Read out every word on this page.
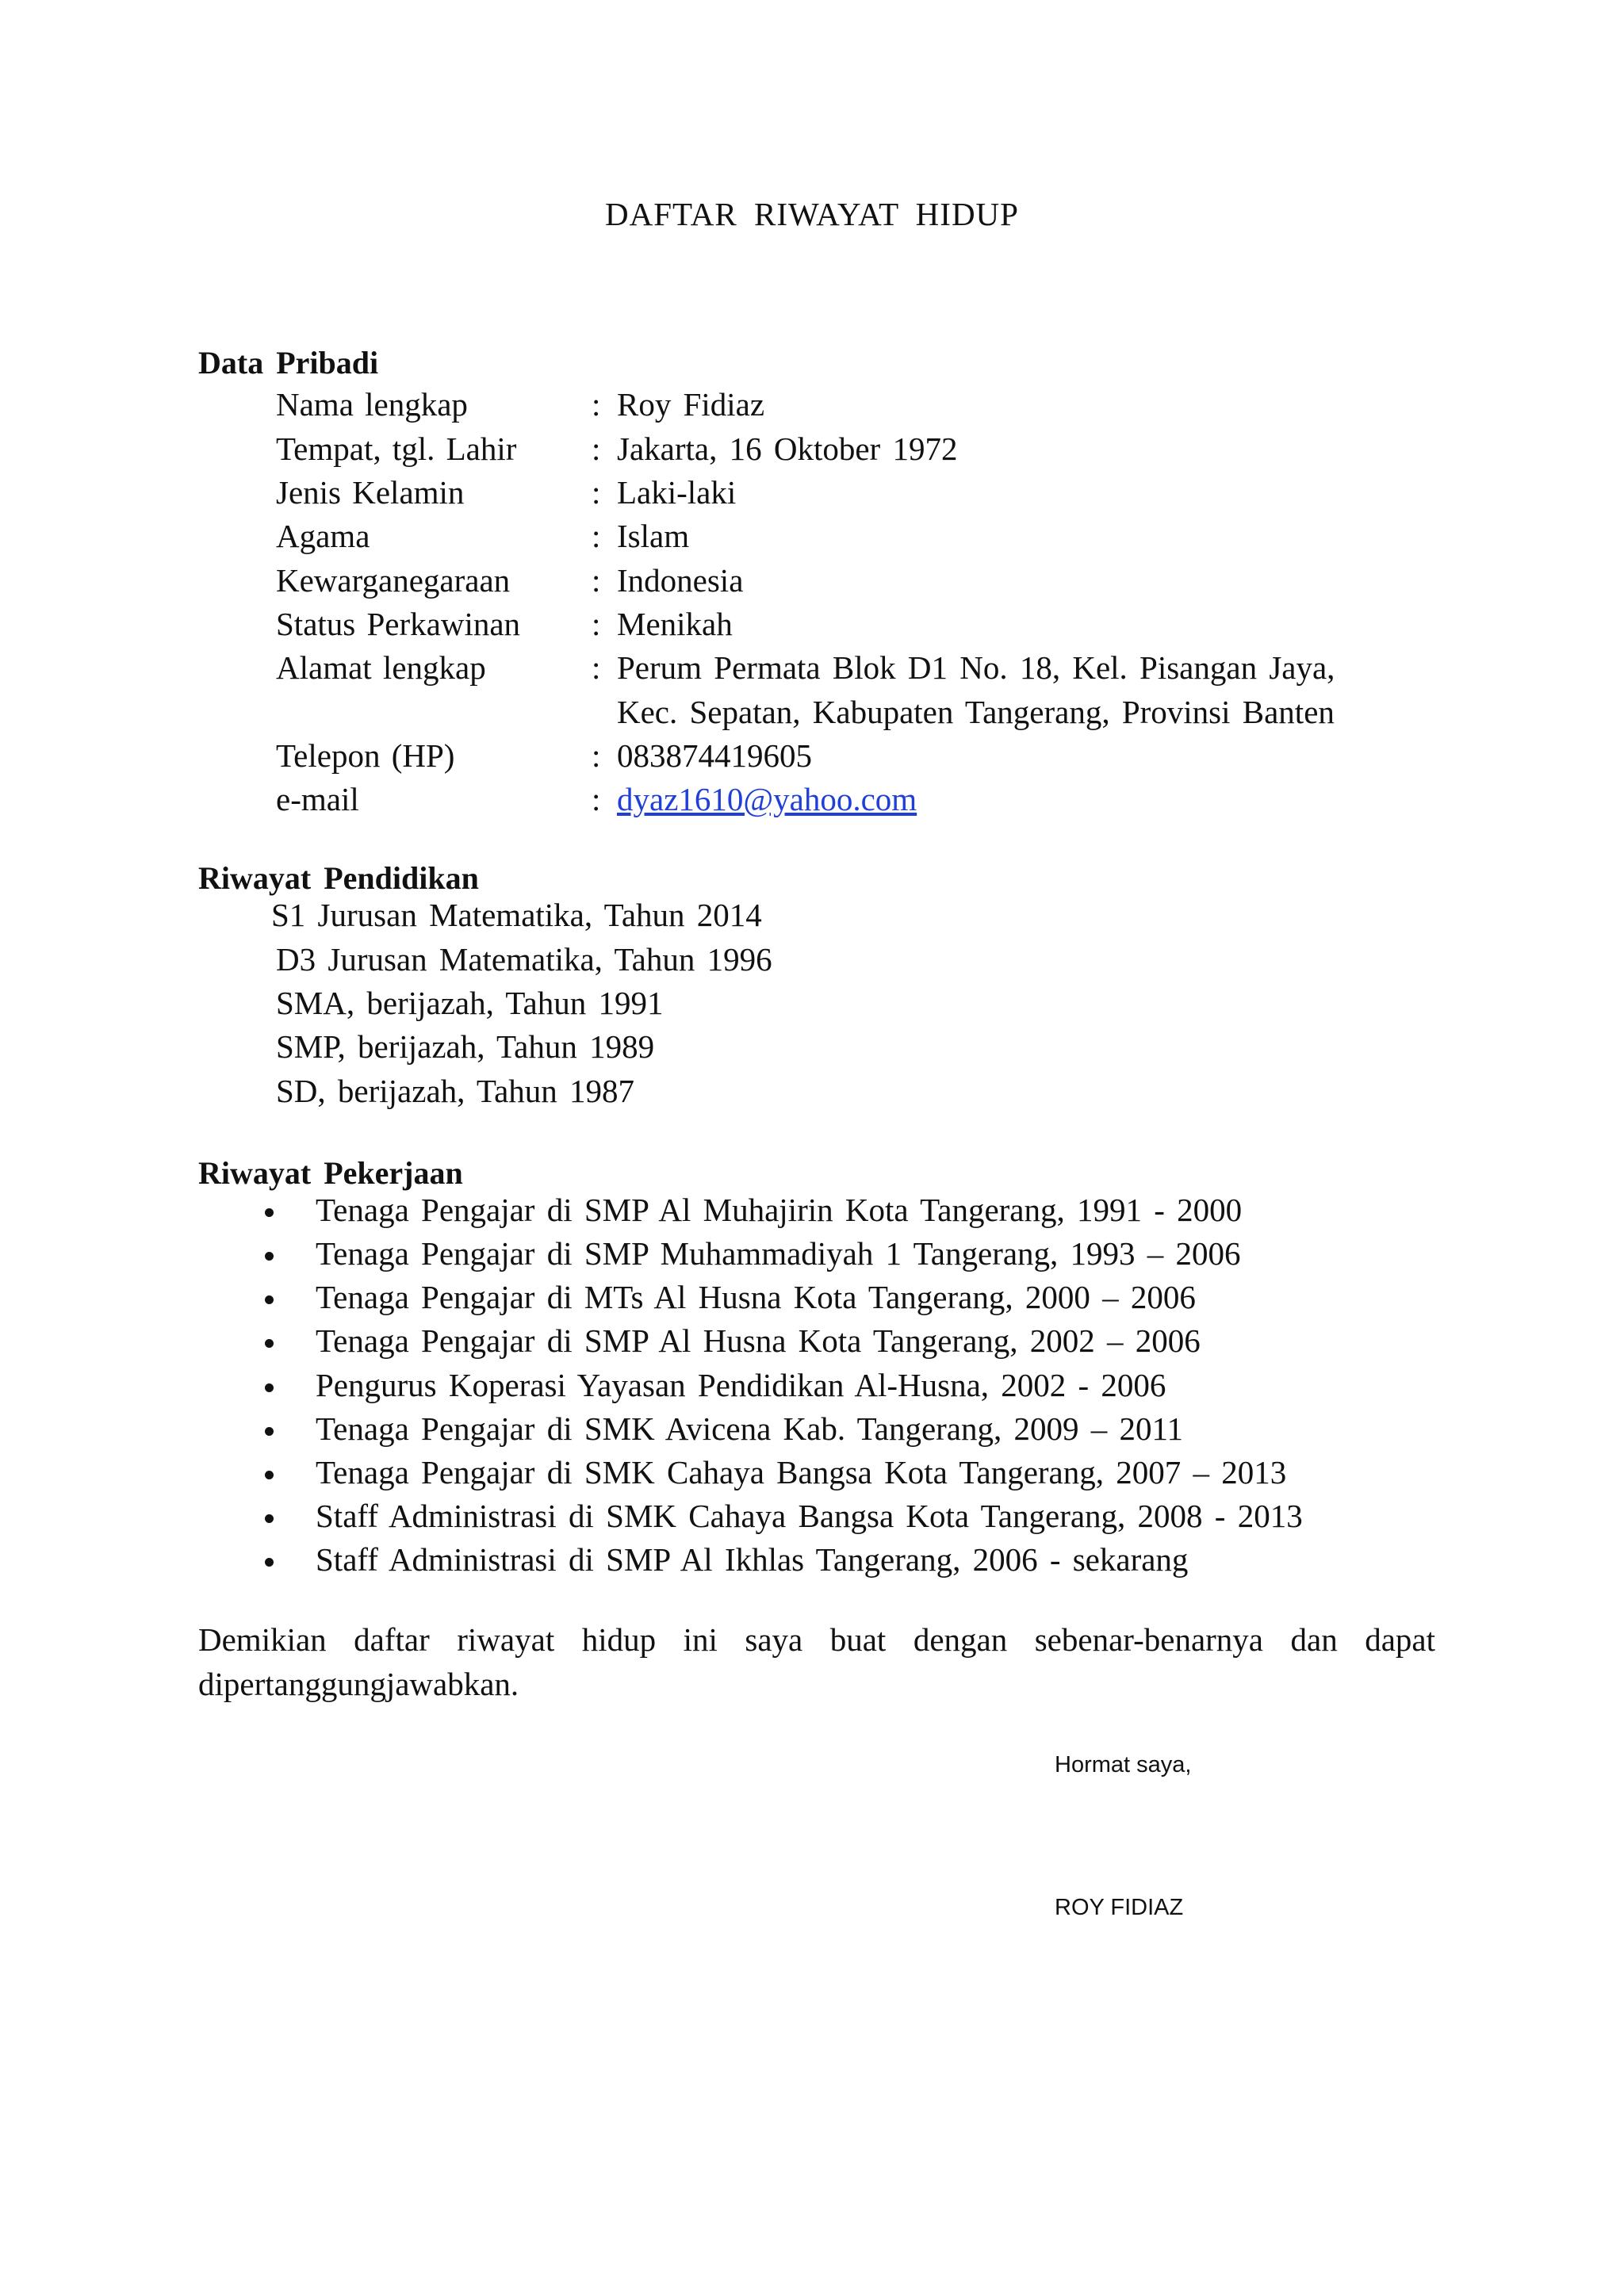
DAFTAR RIWAYAT HIDUP
Data Pribadi
Nama lengkap	: Roy Fidiaz
Tempat, tgl. Lahir : Jakarta, 16 Oktober 1972
Jenis Kelamin	: Laki-laki
Agama	: Islam
Kewarganegaraan	: Indonesia
Status Perkawinan : Menikah
Alamat lengkap	: Perum Permata Blok D1 No. 18, Kel. Pisangan Jaya,
Kec. Sepatan, Kabupaten Tangerang, Provinsi Banten
Telepon (HP)	: 083874419605
e-mail	: dyaz1610@yahoo.com
Riwayat Pendidikan
S1 Jurusan Matematika, Tahun 2014
D3 Jurusan Matematika, Tahun 1996
SMA, berijazah, Tahun 1991
SMP, berijazah, Tahun 1989
SD, berijazah, Tahun 1987
Riwayat Pekerjaan
Tenaga Pengajar di SMP Al Muhajirin Kota Tangerang, 1991 - 2000
Tenaga Pengajar di SMP Muhammadiyah 1 Tangerang, 1993 – 2006
Tenaga Pengajar di MTs Al Husna Kota Tangerang, 2000 – 2006
Tenaga Pengajar di SMP Al Husna Kota Tangerang, 2002 – 2006
Pengurus Koperasi Yayasan Pendidikan Al-Husna, 2002 - 2006
Tenaga Pengajar di SMK Avicena Kab. Tangerang, 2009 – 2011
Tenaga Pengajar di SMK Cahaya Bangsa Kota Tangerang, 2007 – 2013
Staff Administrasi di SMK Cahaya Bangsa Kota Tangerang, 2008 - 2013
Staff Administrasi di SMP Al Ikhlas Tangerang, 2006 - sekarang

Demikian daftar riwayat hidup ini saya buat dengan sebenar-benarnya dan dapat dipertanggungjawabkan.

Hormat saya,
ROY FIDIAZ
